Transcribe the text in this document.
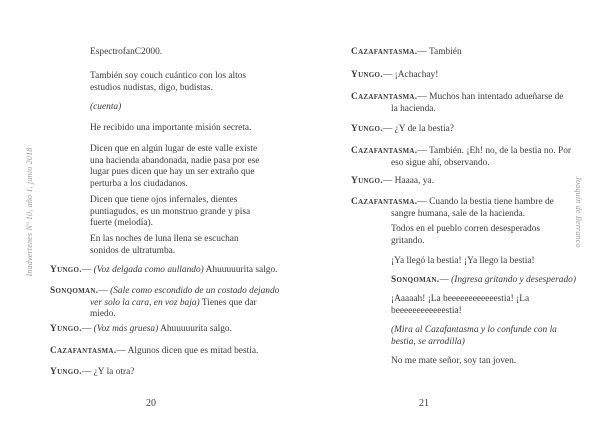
Inadvertenes Nº 10, año 1, junio 2018	Joaquín de Berranco
EspectrofanC2000.
También soy couch cuántico con los altos
estudios nudistas, digo, budistas.
(cuenta)
He recibido una importante misión secreta.
Dicen que en algún lugar de este valle existe
una hacienda abandonada, nadie pasa por ese
lugar pues dicen que hay un ser extraño que
perturba a los ciudadanos.
Dicen que tiene ojos infernales, dientes
puntiagudos, es un monstruo grande y pisa
fuerte (melodía).
En las noches de luna llena se escuchan
sonidos de ultratumba.
Yungo.— (Voz delgada como aullando) Ahuuuuurita salgo.
Sonqoman.— (Sale como escondido de un costado dejando
ver solo la cara, en voz baja) Tienes que dar
miedo.
Yungo.— (Voz más gruesa) Ahuuuuurita salgo.
Cazafantasma.— Algunos dicen que es mitad bestia.
Yungo.— ¿Y la otra?
20
Cazafantasma.— También
Yungo.— ¡Achachay!
Cazafantasma.— Muchos han intentado adueñarse de
la hacienda.
Yungo.— ¿Y de la bestia?
Cazafantasma.— También. ¡Eh! no, de la bestia no. Por
eso sigue ahí, observando.
Yungo.— Haaaa, ya.
Cazafantasma.— Cuando la bestia tiene hambre de
sangre humana, sale de la hacienda.
Todos en el pueblo corren desesperados
gritando.
¡Ya llegó la bestia! ¡Ya llego la bestia!
Sonqoman.— (Ingresa gritando y desesperado)
¡Aaaaah! ¡La beeeeeeeeeeeestia! ¡La
beeeeeeeeeeeestia!
(Mira al Cazafantasma y lo confunde con la
bestia, se arrodilla)
No me mate señor, soy tan joven.
21
